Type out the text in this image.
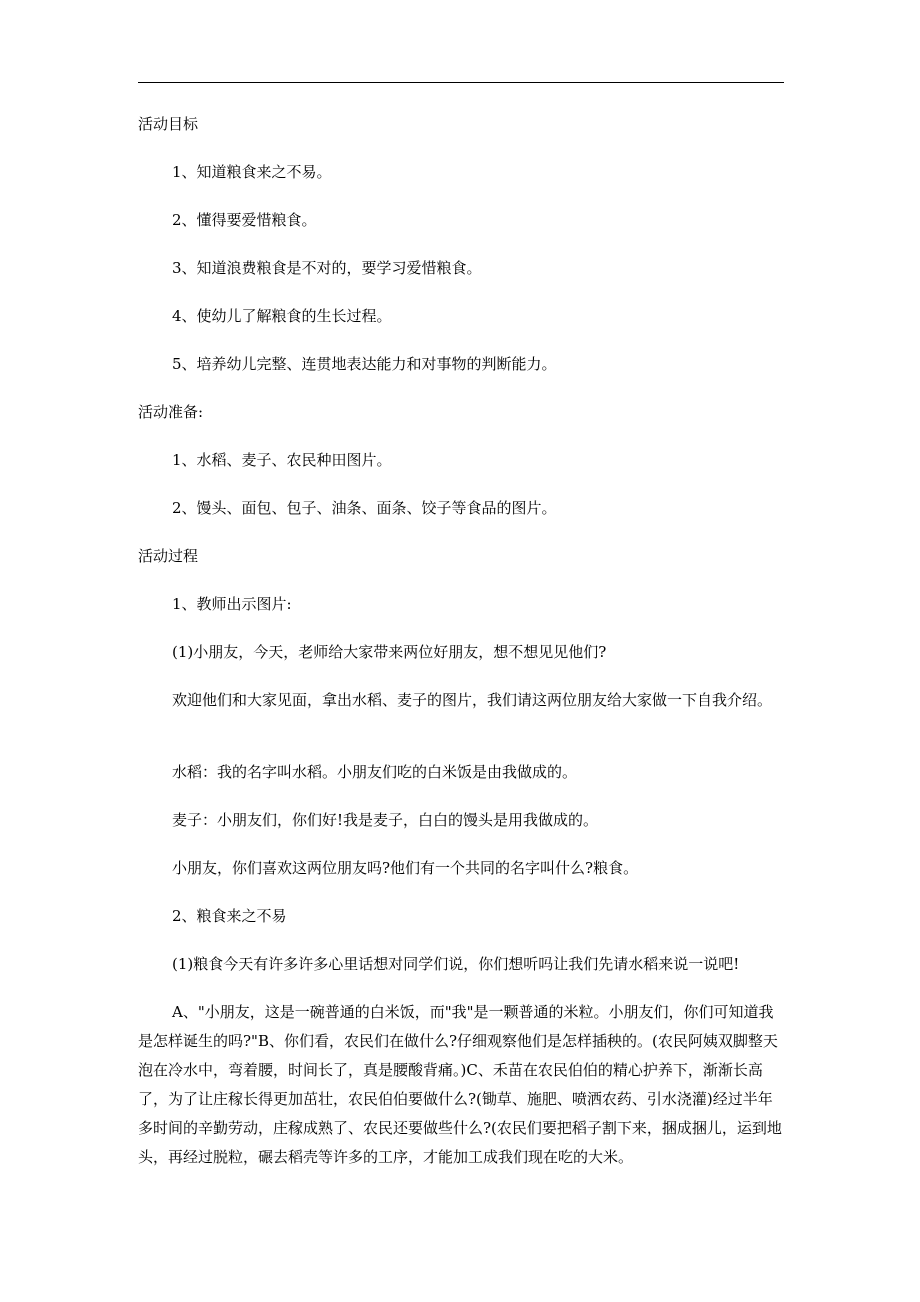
活动目标
1、知道粮食来之不易。
2、懂得要爱惜粮食。
3、知道浪费粮食是不对的，要学习爱惜粮食。
4、使幼儿了解粮食的生长过程。
5、培养幼儿完整、连贯地表达能力和对事物的判断能力。
活动准备:
1、水稻、麦子、农民种田图片。
2、馒头、面包、包子、油条、面条、饺子等食品的图片。
活动过程
1、教师出示图片:
(1)小朋友，今天，老师给大家带来两位好朋友，想不想见见他们?
欢迎他们和大家见面，拿出水稻、麦子的图片，我们请这两位朋友给大家做一下自我介绍。
水稻：我的名字叫水稻。小朋友们吃的白米饭是由我做成的。
麦子：小朋友们，你们好!我是麦子，白白的馒头是用我做成的。
小朋友，你们喜欢这两位朋友吗?他们有一个共同的名字叫什么?粮食。
2、粮食来之不易
(1)粮食今天有许多许多心里话想对同学们说，你们想听吗让我们先请水稻来说一说吧!
A、"小朋友，这是一碗普通的白米饭，而"我"是一颗普通的米粒。小朋友们，你们可知道我是怎样诞生的吗?"B、你们看，农民们在做什么?仔细观察他们是怎样插秧的。(农民阿姨双脚整天泡在冷水中，弯着腰，时间长了，真是腰酸背痛。)C、禾苗在农民伯伯的精心护养下，渐渐长高了，为了让庄稼长得更加茁壮，农民伯伯要做什么?(锄草、施肥、喷洒农药、引水浇灌)经过半年多时间的辛勤劳动，庄稼成熟了、农民还要做些什么?(农民们要把稻子割下来，捆成捆儿，运到地头，再经过脱粒，碾去稻壳等许多的工序，才能加工成我们现在吃的大米。
